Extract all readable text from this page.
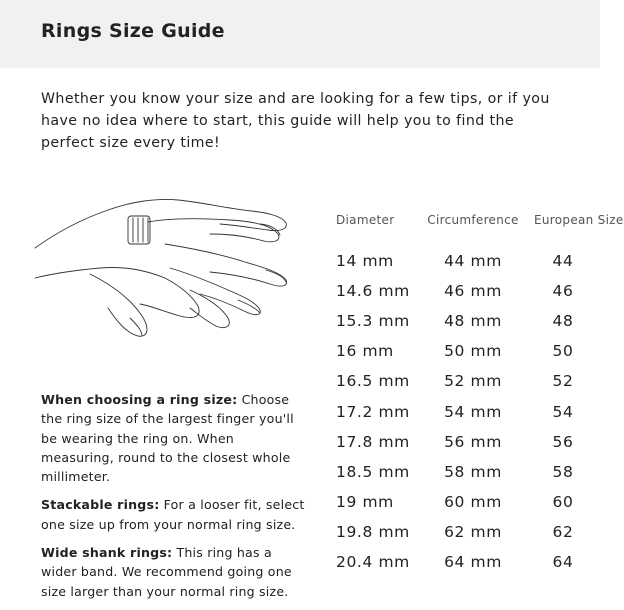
Rings Size Guide

Whether you know your size and are looking for a few tips, or if you have no idea where to start, this guide will help you to find the perfect size every time!

When choosing a ring size: Choose the ring size of the largest finger you'll be wearing the ring on. When measuring, round to the closest whole millimeter.

Stackable rings: For a looser fit, select one size up from your normal ring size.

Wide shank rings: This ring has a wider band. We recommend going one size larger than your normal ring size.

Diameter	Circumference	European Size

14 mm	44 mm	44
14.6 mm	46 mm	46
15.3 mm	48 mm	48
16 mm	50 mm	50
16.5 mm	52 mm	52
17.2 mm	54 mm	54
17.8 mm	56 mm	56
18.5 mm	58 mm	58
19 mm	60 mm	60
19.8 mm	62 mm	62
20.4 mm	64 mm	64
